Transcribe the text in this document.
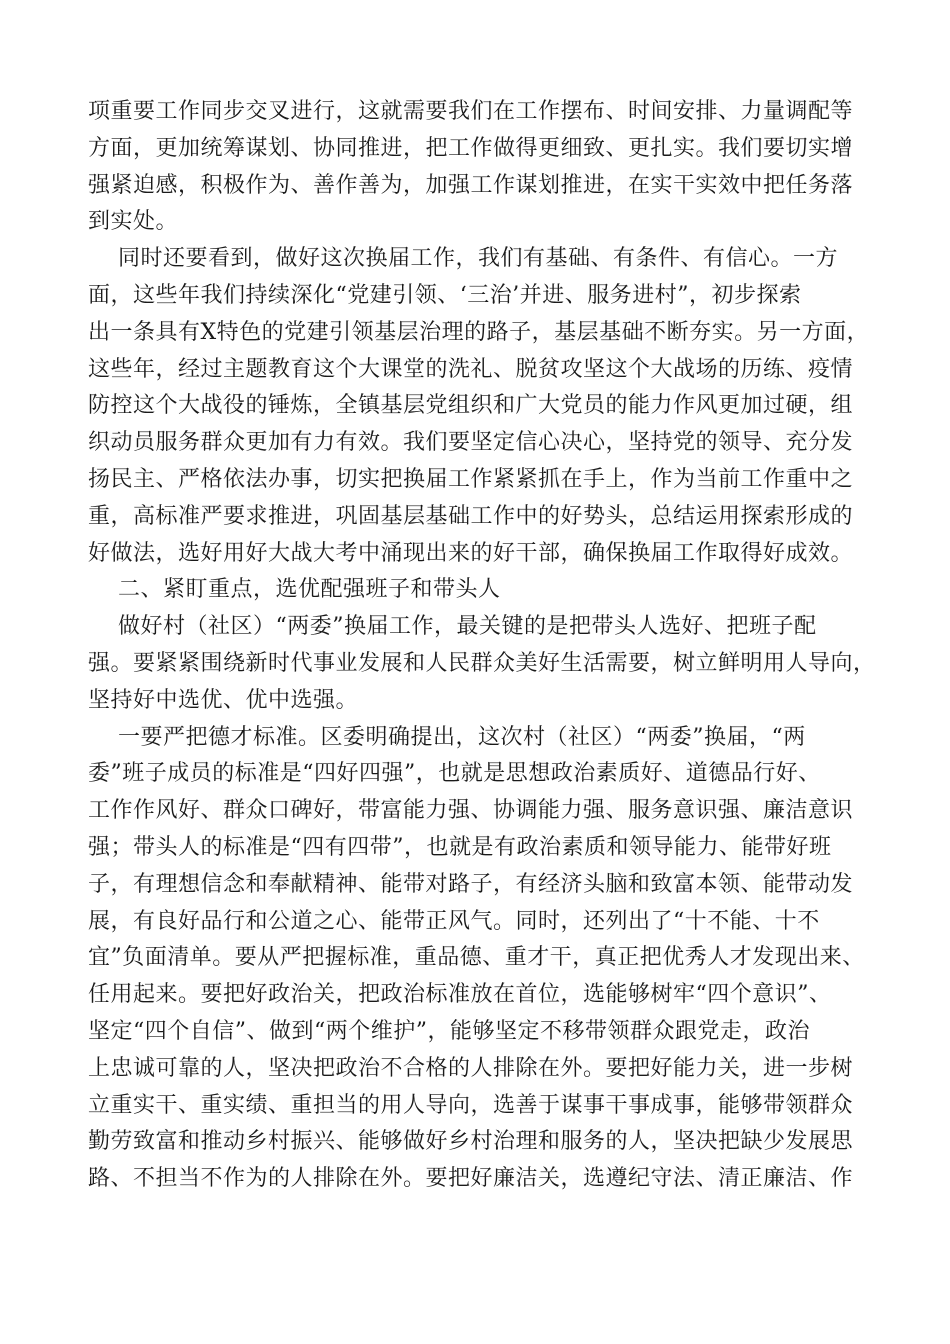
项重要工作同步交叉进行，这就需要我们在工作摆布、时间安排、力量调配等
方面，更加统筹谋划、协同推进，把工作做得更细致、更扎实。我们要切实增
强紧迫感，积极作为、善作善为，加强工作谋划推进，在实干实效中把任务落
到实处。

同时还要看到，做好这次换届工作，我们有基础、有条件、有信心。一方
面，这些年我们持续深化“党建引领、‘三治’并进、服务进村”，初步探索
出一条具有X特色的党建引领基层治理的路子，基层基础不断夯实。另一方面，
这些年，经过主题教育这个大课堂的洗礼、脱贫攻坚这个大战场的历练、疫情
防控这个大战役的锤炼，全镇基层党组织和广大党员的能力作风更加过硬，组
织动员服务群众更加有力有效。我们要坚定信心决心，坚持党的领导、充分发
扬民主、严格依法办事，切实把换届工作紧紧抓在手上，作为当前工作重中之
重，高标准严要求推进，巩固基层基础工作中的好势头，总结运用探索形成的
好做法，选好用好大战大考中涌现出来的好干部，确保换届工作取得好成效。

二、紧盯重点，选优配强班子和带头人

做好村（社区）“两委”换届工作，最关键的是把带头人选好、把班子配
强。要紧紧围绕新时代事业发展和人民群众美好生活需要，树立鲜明用人导向，
坚持好中选优、优中选强。

一要严把德才标准。区委明确提出，这次村（社区）“两委”换届，“两
委”班子成员的标准是“四好四强”，也就是思想政治素质好、道德品行好、
工作作风好、群众口碑好，带富能力强、协调能力强、服务意识强、廉洁意识
强；带头人的标准是“四有四带”，也就是有政治素质和领导能力、能带好班
子，有理想信念和奉献精神、能带对路子，有经济头脑和致富本领、能带动发
展，有良好品行和公道之心、能带正风气。同时，还列出了“十不能、十不
宜”负面清单。要从严把握标准，重品德、重才干，真正把优秀人才发现出来、
任用起来。要把好政治关，把政治标准放在首位，选能够树牢“四个意识”、
坚定“四个自信”、做到“两个维护”，能够坚定不移带领群众跟党走，政治
上忠诚可靠的人，坚决把政治不合格的人排除在外。要把好能力关，进一步树
立重实干、重实绩、重担当的用人导向，选善于谋事干事成事，能够带领群众
勤劳致富和推动乡村振兴、能够做好乡村治理和服务的人，坚决把缺少发展思
路、不担当不作为的人排除在外。要把好廉洁关，选遵纪守法、清正廉洁、作
